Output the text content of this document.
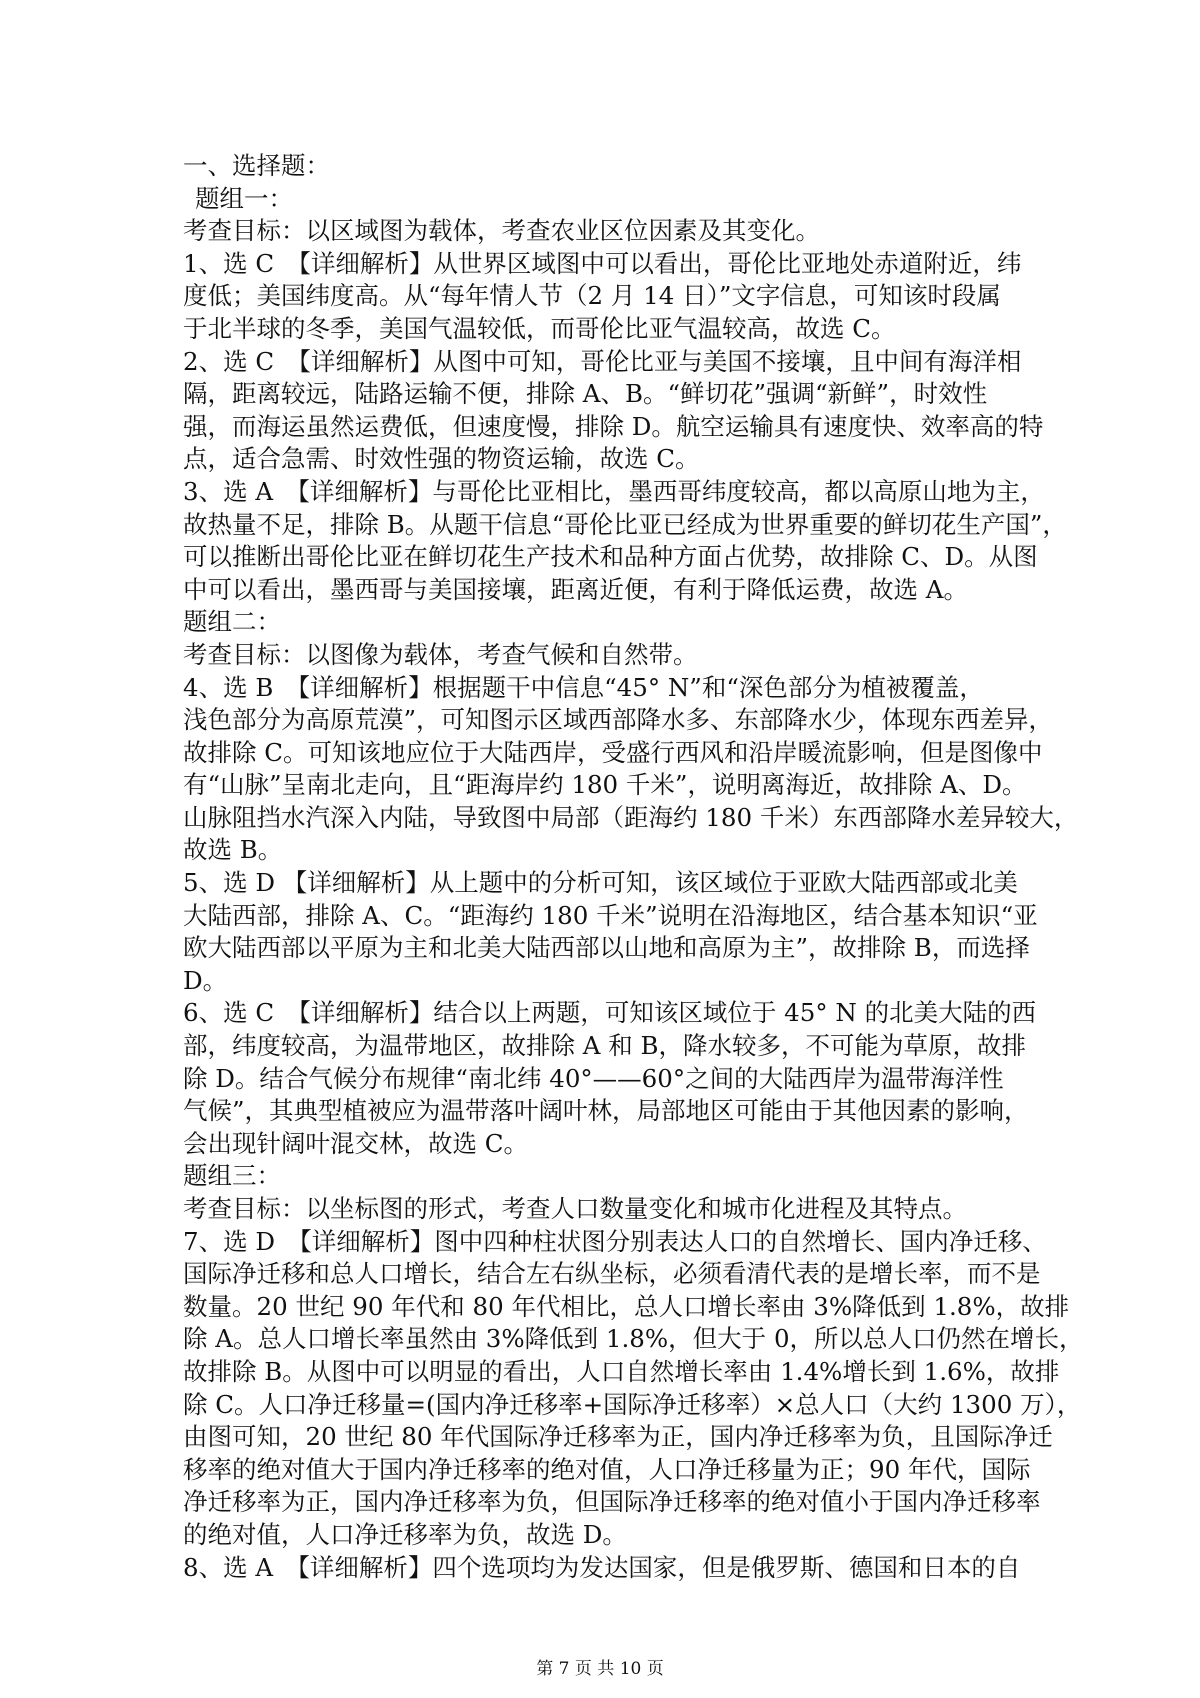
一、选择题：
题组一：
考查目标：以区域图为载体，考查农业区位因素及其变化。
1、选 C　【详细解析】从世界区域图中可以看出，哥伦比亚地处赤道附近，纬
度低；美国纬度高。从“每年情人节（2 月 14 日）”文字信息，可知该时段属
于北半球的冬季，美国气温较低，而哥伦比亚气温较高，故选 C。
2、选 C　【详细解析】从图中可知，哥伦比亚与美国不接壤，且中间有海洋相
隔，距离较远，陆路运输不便，排除 A、B。“鲜切花”强调“新鲜”，时效性
强，而海运虽然运费低，但速度慢，排除 D。航空运输具有速度快、效率高的特
点，适合急需、时效性强的物资运输，故选 C。
3、选 A　【详细解析】与哥伦比亚相比，墨西哥纬度较高，都以高原山地为主，
故热量不足，排除 B。从题干信息“哥伦比亚已经成为世界重要的鲜切花生产国”，
可以推断出哥伦比亚在鲜切花生产技术和品种方面占优势，故排除 C、D。从图
中可以看出，墨西哥与美国接壤，距离近便，有利于降低运费，故选 A。
题组二：
考查目标：以图像为载体，考查气候和自然带。
4、选 B　【详细解析】根据题干中信息“45° N”和“深色部分为植被覆盖，
浅色部分为高原荒漠”，可知图示区域西部降水多、东部降水少，体现东西差异，
故排除 C。可知该地应位于大陆西岸，受盛行西风和沿岸暖流影响，但是图像中
有“山脉”呈南北走向，且“距海岸约 180 千米”，说明离海近，故排除 A、D。
山脉阻挡水汽深入内陆，导致图中局部（距海约 180 千米）东西部降水差异较大，
故选 B。
5、选 D 【详细解析】从上题中的分析可知，该区域位于亚欧大陆西部或北美
大陆西部，排除 A、C。“距海约 180 千米”说明在沿海地区，结合基本知识“亚
欧大陆西部以平原为主和北美大陆西部以山地和高原为主”，故排除 B，而选择
D。
6、选 C　【详细解析】结合以上两题，可知该区域位于 45° N 的北美大陆的西
部，纬度较高，为温带地区，故排除 A 和 B，降水较多，不可能为草原，故排
除 D。结合气候分布规律“南北纬 40°——60°之间的大陆西岸为温带海洋性
气候”，其典型植被应为温带落叶阔叶林，局部地区可能由于其他因素的影响，
会出现针阔叶混交林，故选 C。
题组三：
考查目标：以坐标图的形式，考查人口数量变化和城市化进程及其特点。
7、选 D　【详细解析】图中四种柱状图分别表达人口的自然增长、国内净迁移、
国际净迁移和总人口增长，结合左右纵坐标，必须看清代表的是增长率，而不是
数量。20 世纪 90 年代和 80 年代相比，总人口增长率由 3%降低到 1.8%，故排
除 A。总人口增长率虽然由 3%降低到 1.8%，但大于 0，所以总人口仍然在增长，
故排除 B。从图中可以明显的看出，人口自然增长率由 1.4%增长到 1.6%，故排
除 C。人口净迁移量=(国内净迁移率+国际净迁移率）×总人口（大约 1300 万），
由图可知，20 世纪 80 年代国际净迁移率为正，国内净迁移率为负，且国际净迁
移率的绝对值大于国内净迁移率的绝对值，人口净迁移量为正；90 年代，国际
净迁移率为正，国内净迁移率为负，但国际净迁移率的绝对值小于国内净迁移率
的绝对值，人口净迁移率为负，故选 D。
8、选 A　【详细解析】四个选项均为发达国家，但是俄罗斯、德国和日本的自
第 7 页 共 10 页
